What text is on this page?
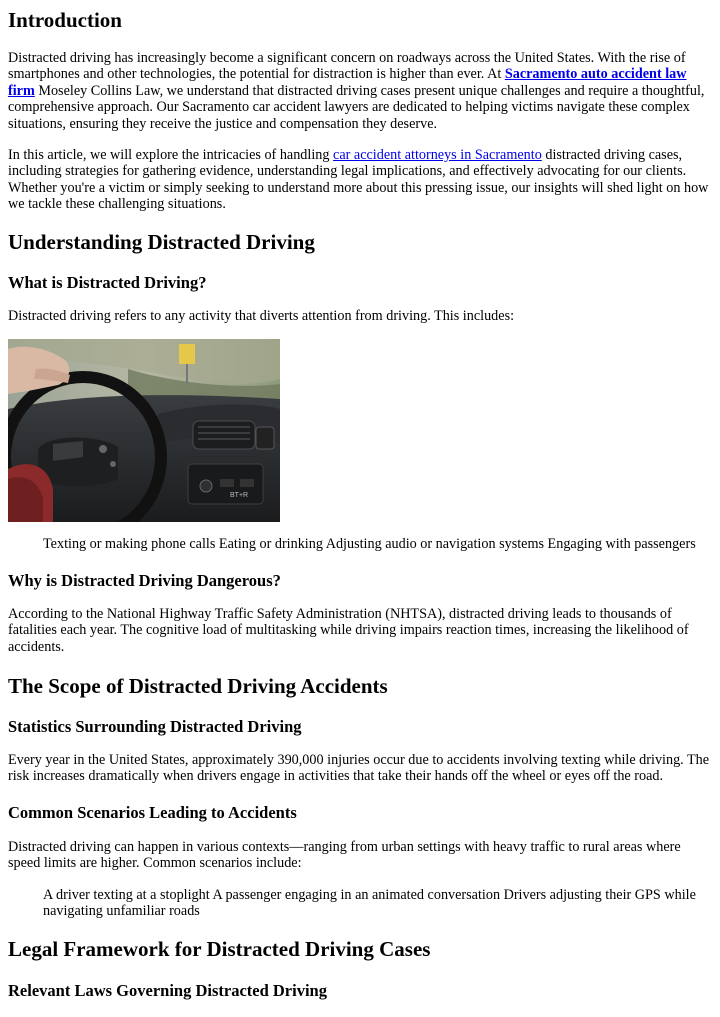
Introduction

Distracted driving has increasingly become a significant concern on roadways across the United States. With the rise of smartphones and other technologies, the potential for distraction is higher than ever. At Sacramento auto accident law firm Moseley Collins Law, we understand that distracted driving cases present unique challenges and require a thoughtful, comprehensive approach. Our Sacramento car accident lawyers are dedicated to helping victims navigate these complex situations, ensuring they receive the justice and compensation they deserve.

In this article, we will explore the intricacies of handling car accident attorneys in Sacramento distracted driving cases, including strategies for gathering evidence, understanding legal implications, and effectively advocating for our clients. Whether you're a victim or simply seeking to understand more about this pressing issue, our insights will shed light on how we tackle these challenging situations.

Understanding Distracted Driving
What is Distracted Driving?

Distracted driving refers to any activity that diverts attention from driving. This includes:

BT+R

Texting or making phone calls Eating or drinking Adjusting audio or navigation systems Engaging with passengers

Why is Distracted Driving Dangerous?

According to the National Highway Traffic Safety Administration (NHTSA), distracted driving leads to thousands of fatalities each year. The cognitive load of multitasking while driving impairs reaction times, increasing the likelihood of accidents.

The Scope of Distracted Driving Accidents
Statistics Surrounding Distracted Driving

Every year in the United States, approximately 390,000 injuries occur due to accidents involving texting while driving. The risk increases dramatically when drivers engage in activities that take their hands off the wheel or eyes off the road.

Common Scenarios Leading to Accidents

Distracted driving can happen in various contexts—ranging from urban settings with heavy traffic to rural areas where speed limits are higher. Common scenarios include:

A driver texting at a stoplight A passenger engaging in an animated conversation Drivers adjusting their GPS while navigating unfamiliar roads

Legal Framework for Distracted Driving Cases
Relevant Laws Governing Distracted Driving
